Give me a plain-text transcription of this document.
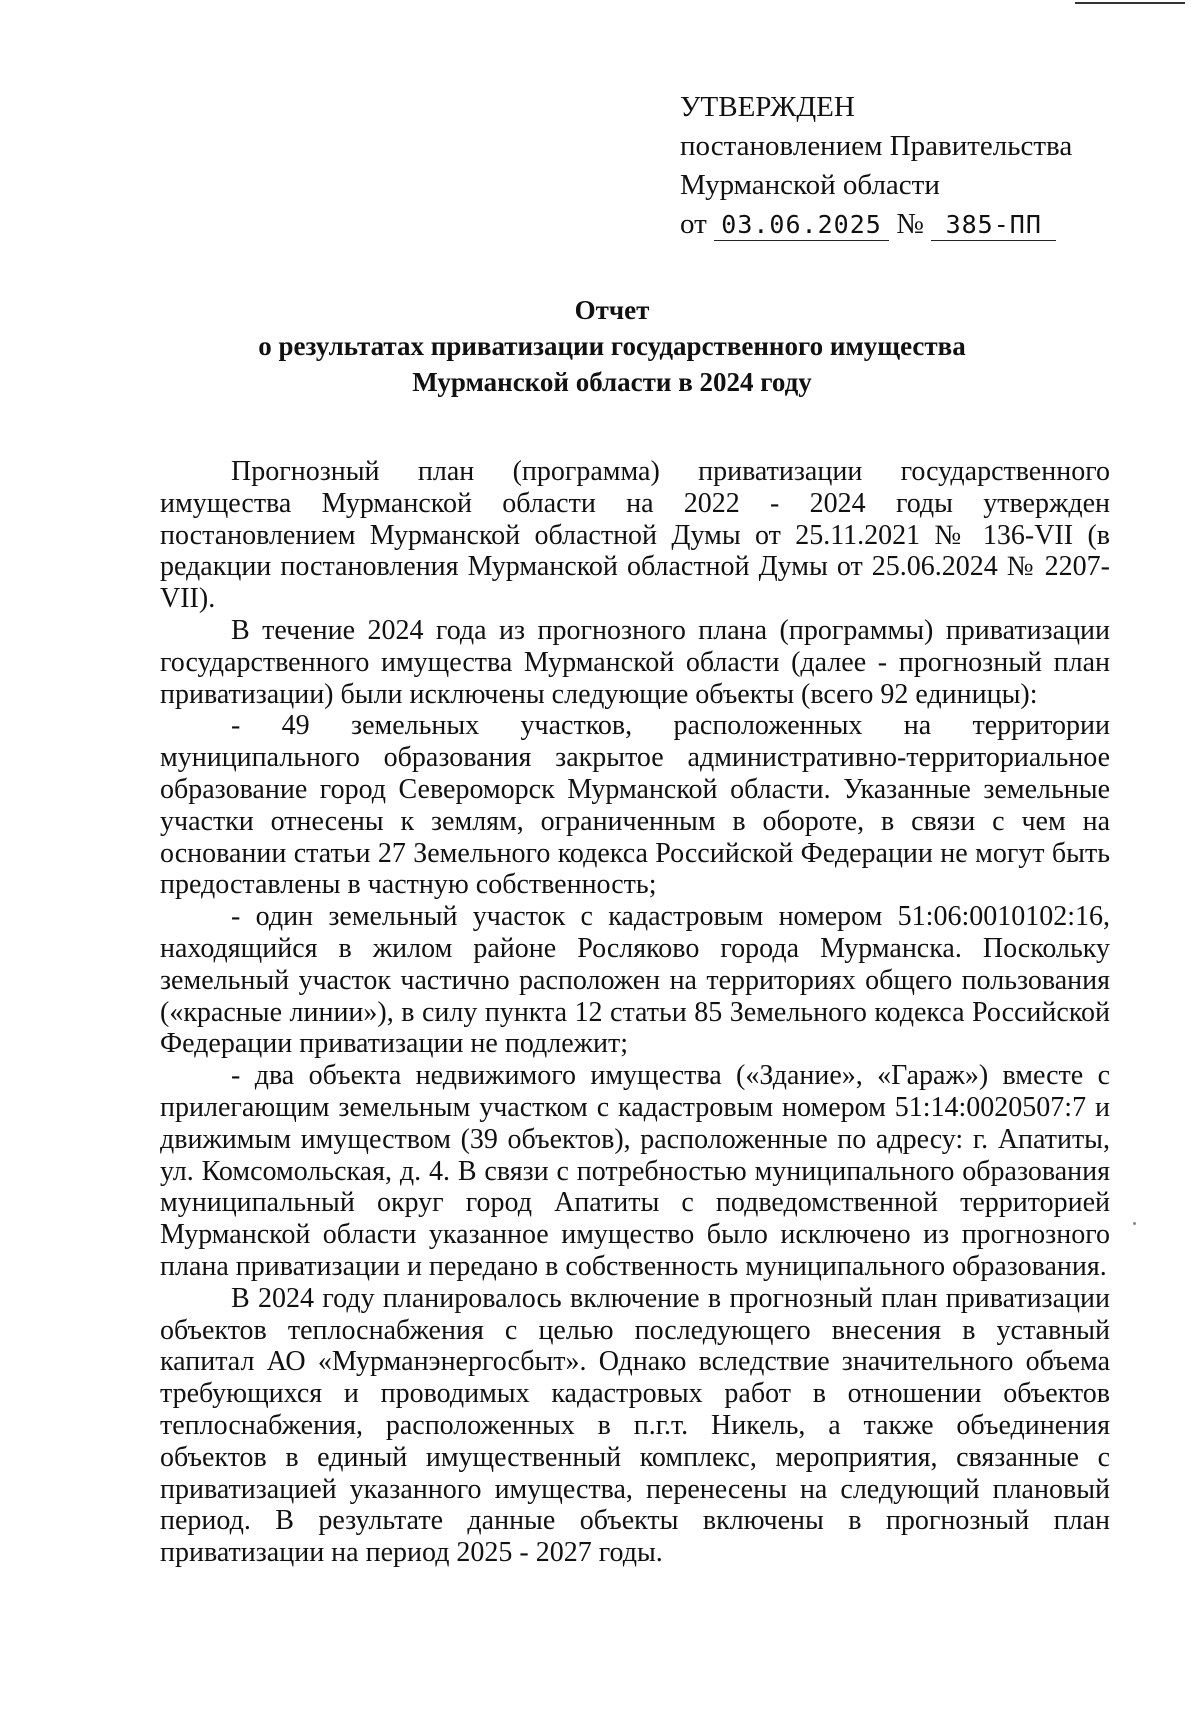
УТВЕРЖДЕН
постановлением Правительства
Мурманской области
от 03.06.2025 № 385-ПП
Отчет
о результатах приватизации государственного имущества
Мурманской области в 2024 году

Прогнозный план (программа) приватизации государственного имущества Мурманской области на 2022 - 2024 годы утвержден постановлением Мурманской областной Думы от 25.11.2021 № 136-VII (в редакции постановления Мурманской областной Думы от 25.06.2024 № 2207-VII).

В течение 2024 года из прогнозного плана (программы) приватизации государственного имущества Мурманской области (далее - прогнозный план приватизации) были исключены следующие объекты (всего 92 единицы):

- 49 земельных участков, расположенных на территории муниципального образования закрытое административно-территориальное образование город Североморск Мурманской области. Указанные земельные участки отнесены к землям, ограниченным в обороте, в связи с чем на основании статьи 27 Земельного кодекса Российской Федерации не могут быть предоставлены в частную собственность;

- один земельный участок с кадастровым номером 51:06:0010102:16, находящийся в жилом районе Росляково города Мурманска. Поскольку земельный участок частично расположен на территориях общего пользования («красные линии»), в силу пункта 12 статьи 85 Земельного кодекса Российской Федерации приватизации не подлежит;

- два объекта недвижимого имущества («Здание», «Гараж») вместе с прилегающим земельным участком с кадастровым номером 51:14:0020507:7 и движимым имуществом (39 объектов), расположенные по адресу: г. Апатиты, ул. Комсомольская, д. 4. В связи с потребностью муниципального образования муниципальный округ город Апатиты с подведомственной территорией Мурманской области указанное имущество было исключено из прогнозного плана приватизации и передано в собственность муниципального образования.

В 2024 году планировалось включение в прогнозный план приватизации объектов теплоснабжения с целью последующего внесения в уставный капитал АО «Мурманэнергосбыт». Однако вследствие значительного объема требующихся и проводимых кадастровых работ в отношении объектов теплоснабжения, расположенных в п.г.т. Никель, а также объединения объектов в единый имущественный комплекс, мероприятия, связанные с приватизацией указанного имущества, перенесены на следующий плановый период. В результате данные объекты включены в прогнозный план приватизации на период 2025 - 2027 годы.
